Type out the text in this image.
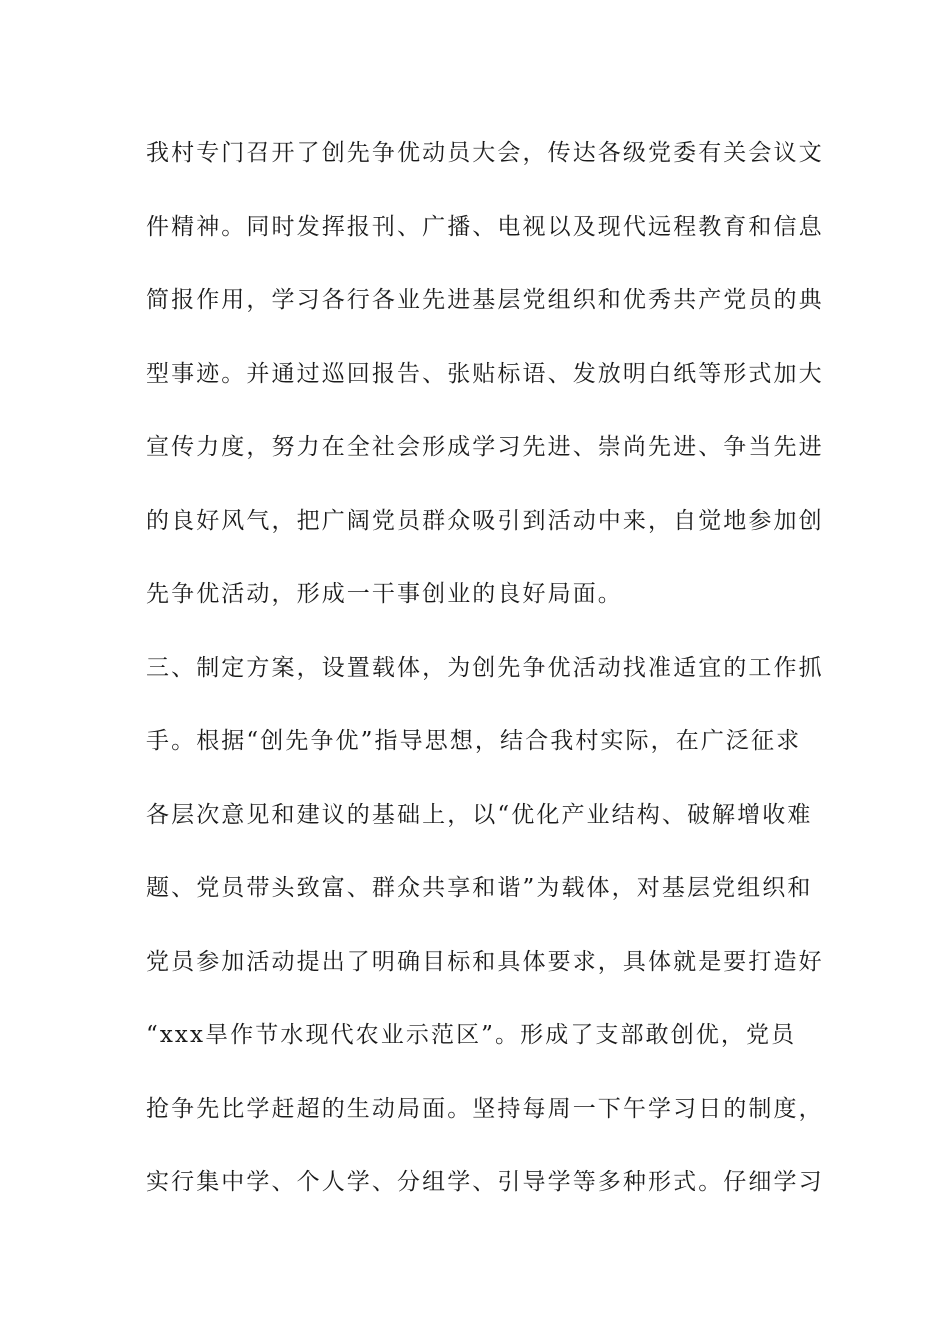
我村专门召开了创先争优动员大会，传达各级党委有关会议文
件精神。同时发挥报刊、广播、电视以及现代远程教育和信息
简报作用，学习各行各业先进基层党组织和优秀共产党员的典
型事迹。并通过巡回报告、张贴标语、发放明白纸等形式加大
宣传力度，努力在全社会形成学习先进、崇尚先进、争当先进
的良好风气，把广阔党员群众吸引到活动中来，自觉地参加创
先争优活动，形成一干事创业的良好局面。
三、制定方案，设置载体，为创先争优活动找准适宜的工作抓
手。根据“创先争优”指导思想，结合我村实际，在广泛征求
各层次意见和建议的基础上，以“优化产业结构、破解增收难
题、党员带头致富、群众共享和谐”为载体，对基层党组织和
党员参加活动提出了明确目标和具体要求，具体就是要打造好
“xxx旱作节水现代农业示范区”。形成了支部敢创优，党员
抢争先比学赶超的生动局面。坚持每周一下午学习日的制度，
实行集中学、个人学、分组学、引导学等多种形式。仔细学习
